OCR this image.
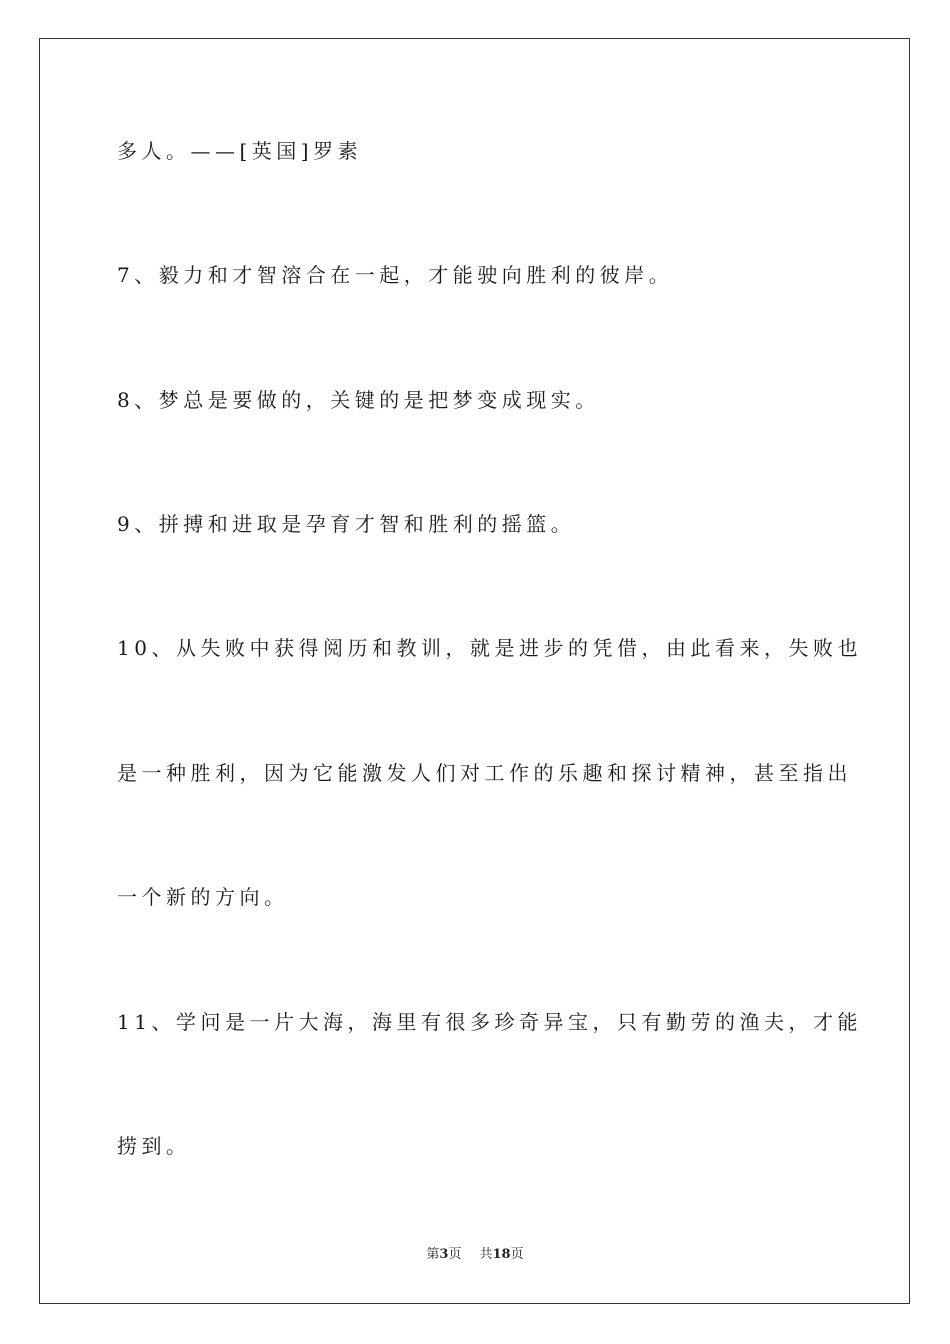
多人。——[英国]罗素
7、毅力和才智溶合在一起，才能驶向胜利的彼岸。
8、梦总是要做的，关键的是把梦变成现实。
9、拼搏和进取是孕育才智和胜利的摇篮。
10、从失败中获得阅历和教训，就是进步的凭借，由此看来，失败也
是一种胜利，因为它能激发人们对工作的乐趣和探讨精神，甚至指出
一个新的方向。
11、学问是一片大海，海里有很多珍奇异宝，只有勤劳的渔夫，才能
捞到。
第3页 共18页
